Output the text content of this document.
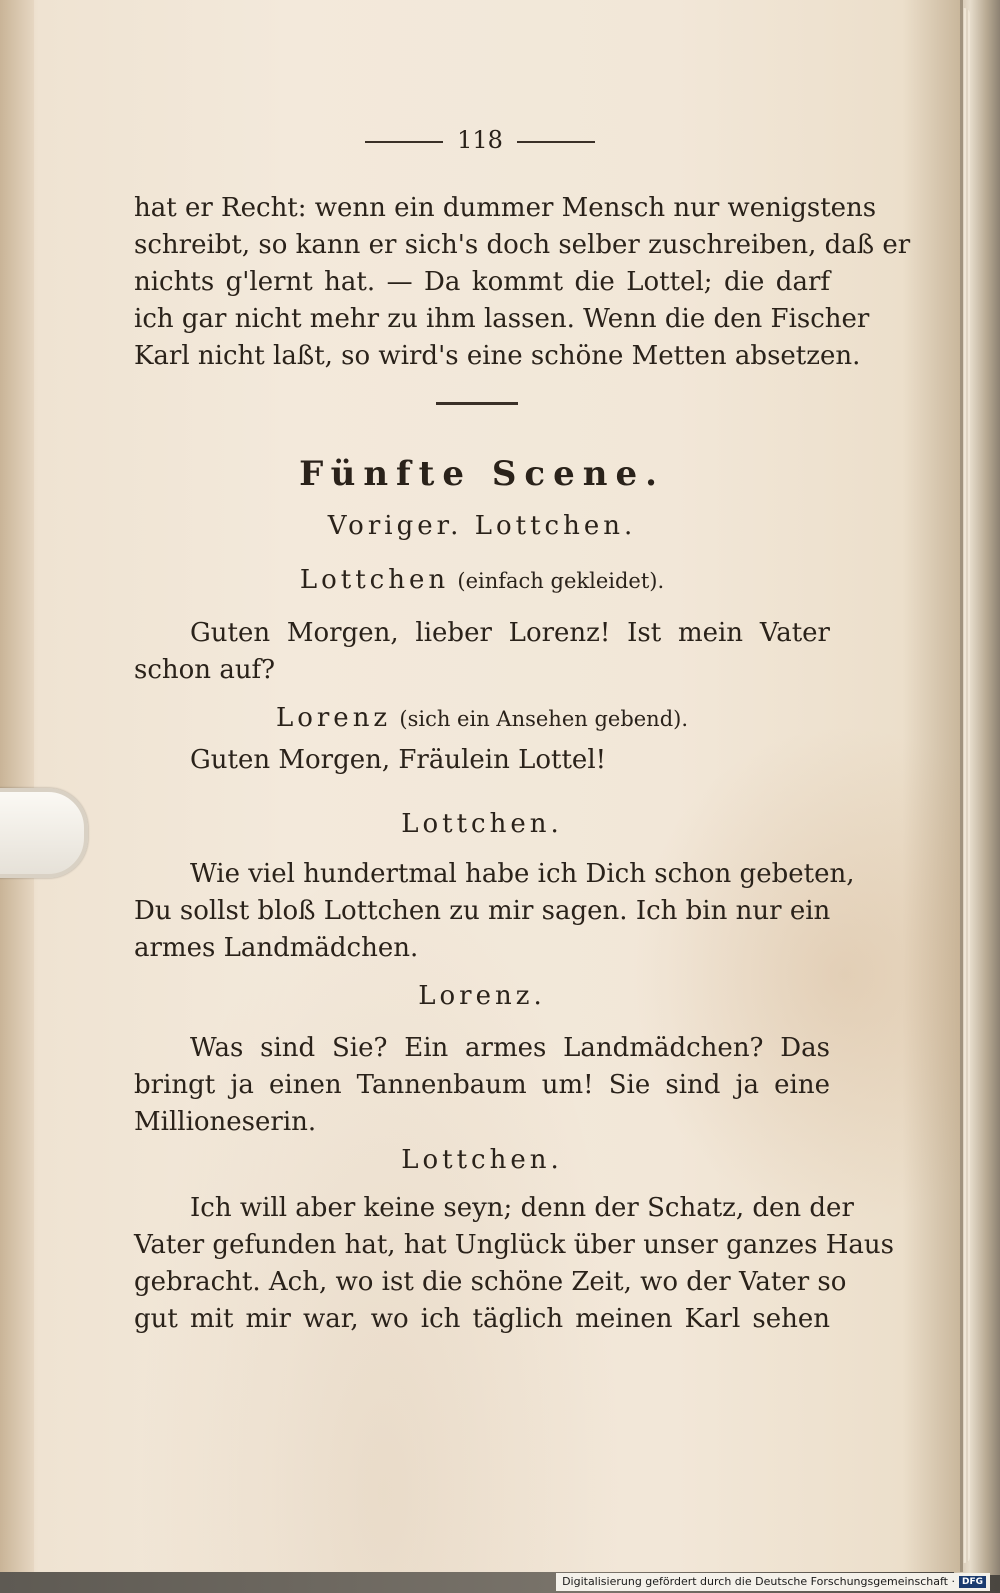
118
hat er Recht: wenn ein dummer Mensch nur wenigstens
schreibt, so kann er sich's doch selber zuschreiben, daß er
nichts g'lernt hat. — Da kommt die Lottel; die darf
ich gar nicht mehr zu ihm lassen. Wenn die den Fischer
Karl nicht laßt, so wird's eine schöne Metten absetzen.
Fünfte Scene.
Voriger. Lottchen.
Lottchen (einfach gekleidet).
Guten Morgen, lieber Lorenz! Ist mein Vater
schon auf?
Lorenz (sich ein Ansehen gebend).
Guten Morgen, Fräulein Lottel!
Lottchen.
Wie viel hundertmal habe ich Dich schon gebeten,
Du sollst bloß Lottchen zu mir sagen. Ich bin nur ein
armes Landmädchen.
Lorenz.
Was sind Sie? Ein armes Landmädchen? Das
bringt ja einen Tannenbaum um! Sie sind ja eine
Millioneserin.
Lottchen.
Ich will aber keine seyn; denn der Schatz, den der
Vater gefunden hat, hat Unglück über unser ganzes Haus
gebracht. Ach, wo ist die schöne Zeit, wo der Vater so
gut mit mir war, wo ich täglich meinen Karl sehen
Digitalisierung gefördert durch die Deutsche Forschungsgemeinschaft · DFG
